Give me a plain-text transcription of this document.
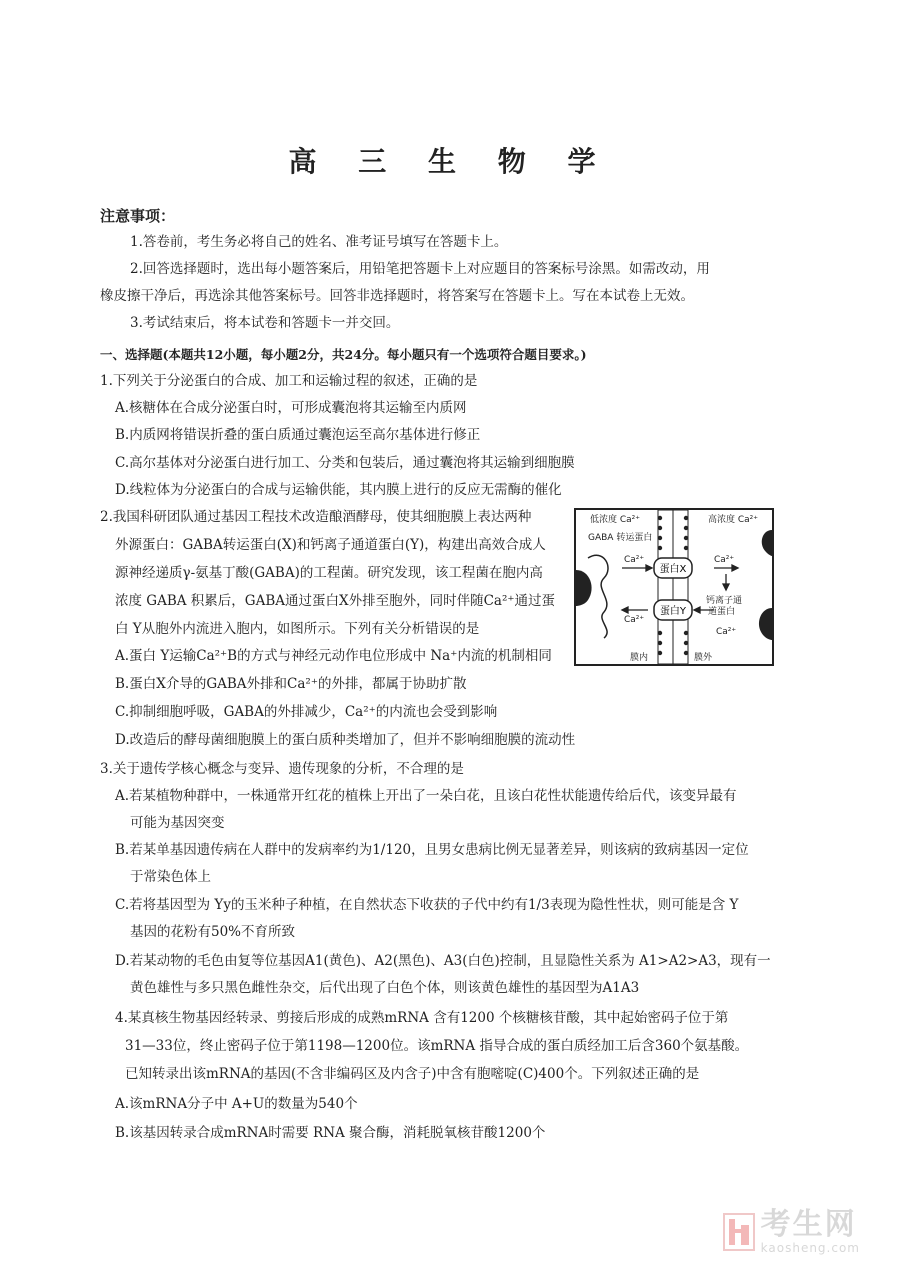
高 三 生 物 学
注意事项：
1.答卷前，考生务必将自己的姓名、准考证号填写在答题卡上。
2.回答选择题时，选出每小题答案后，用铅笔把答题卡上对应题目的答案标号涂黑。如需改动，用
橡皮擦干净后，再选涂其他答案标号。回答非选择题时，将答案写在答题卡上。写在本试卷上无效。
3.考试结束后，将本试卷和答题卡一并交回。
一、选择题(本题共12小题，每小题2分，共24分。每小题只有一个选项符合题目要求。)
1.下列关于分泌蛋白的合成、加工和运输过程的叙述，正确的是
A.核糖体在合成分泌蛋白时，可形成囊泡将其运输至内质网
B.内质网将错误折叠的蛋白质通过囊泡运至高尔基体进行修正
C.高尔基体对分泌蛋白进行加工、分类和包装后，通过囊泡将其运输到细胞膜
D.线粒体为分泌蛋白的合成与运输供能，其内膜上进行的反应无需酶的催化
2.我国科研团队通过基因工程技术改造酿酒酵母，使其细胞膜上表达两种
外源蛋白：GABA转运蛋白(X)和钙离子通道蛋白(Y)，构建出高效合成人
源神经递质γ-氨基丁酸(GABA)的工程菌。研究发现，该工程菌在胞内高
浓度 GABA 积累后，GABA通过蛋白X外排至胞外，同时伴随Ca²⁺通过蛋
白 Y从胞外内流进入胞内，如图所示。下列有关分析错误的是
A.蛋白 Y运输Ca²⁺B的方式与神经元动作电位形成中 Na⁺内流的机制相同
B.蛋白X介导的GABA外排和Ca²⁺的外排，都属于协助扩散
C.抑制细胞呼吸，GABA的外排减少，Ca²⁺的内流也会受到影响
D.改造后的酵母菌细胞膜上的蛋白质种类增加了，但并不影响细胞膜的流动性
蛋白X
蛋白Y
低浓度 Ca²⁺	高浓度 Ca²⁺
GABA 转运蛋白
Ca²⁺	Ca²⁺
钙离子通
道蛋白
Ca²⁺
Ca²⁺
膜内	膜外
3.关于遗传学核心概念与变异、遗传现象的分析，不合理的是
A.若某植物种群中，一株通常开红花的植株上开出了一朵白花，且该白花性状能遗传给后代，该变异最有
可能为基因突变
B.若某单基因遗传病在人群中的发病率约为1/120，且男女患病比例无显著差异，则该病的致病基因一定位
于常染色体上
C.若将基因型为 Yy的玉米种子种植，在自然状态下收获的子代中约有1/3表现为隐性性状，则可能是含 Y
基因的花粉有50%不育所致
D.若某动物的毛色由复等位基因A1(黄色)、A2(黑色)、A3(白色)控制，且显隐性关系为 A1>A2>A3，现有一
黄色雄性与多只黑色雌性杂交，后代出现了白色个体，则该黄色雄性的基因型为A1A3
4.某真核生物基因经转录、剪接后形成的成熟mRNA 含有1200 个核糖核苷酸，其中起始密码子位于第
31—33位，终止密码子位于第1198—1200位。该mRNA 指导合成的蛋白质经加工后含360个氨基酸。
已知转录出该mRNA的基因(不含非编码区及内含子)中含有胞嘧啶(C)400个。下列叙述正确的是
A.该mRNA分子中 A+U的数量为540个
B.该基因转录合成mRNA时需要 RNA 聚合酶，消耗脱氧核苷酸1200个
考生网
kaosheng.com
